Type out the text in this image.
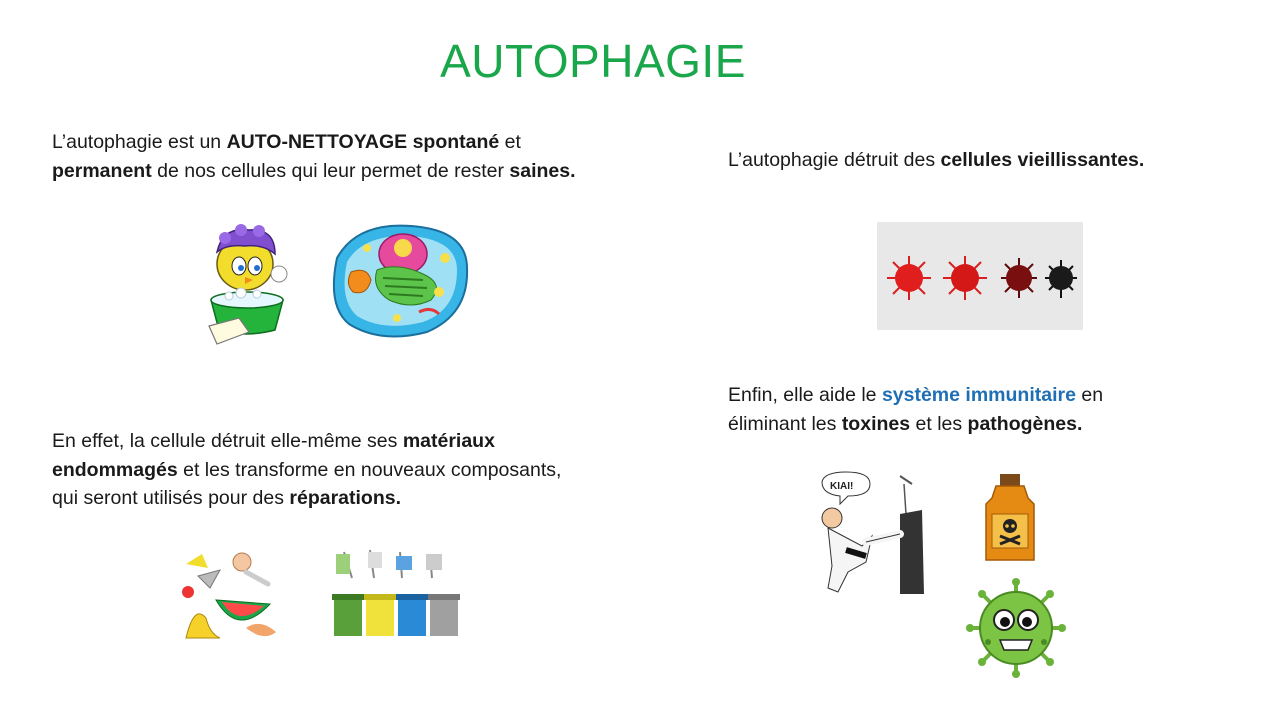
AUTOPHAGIE
L’autophagie est un AUTO-NETTOYAGE spontané et
permanent de nos cellules qui leur permet de rester saines.
En effet, la cellule détruit elle-même ses matériaux
endommagés et les transforme en nouveaux composants,
qui seront utilisés pour des réparations.
L’autophagie détruit des cellules vieillissantes.
Enfin, elle aide le système immunitaire en
éliminant les toxines et les pathogènes.
KIAI!
